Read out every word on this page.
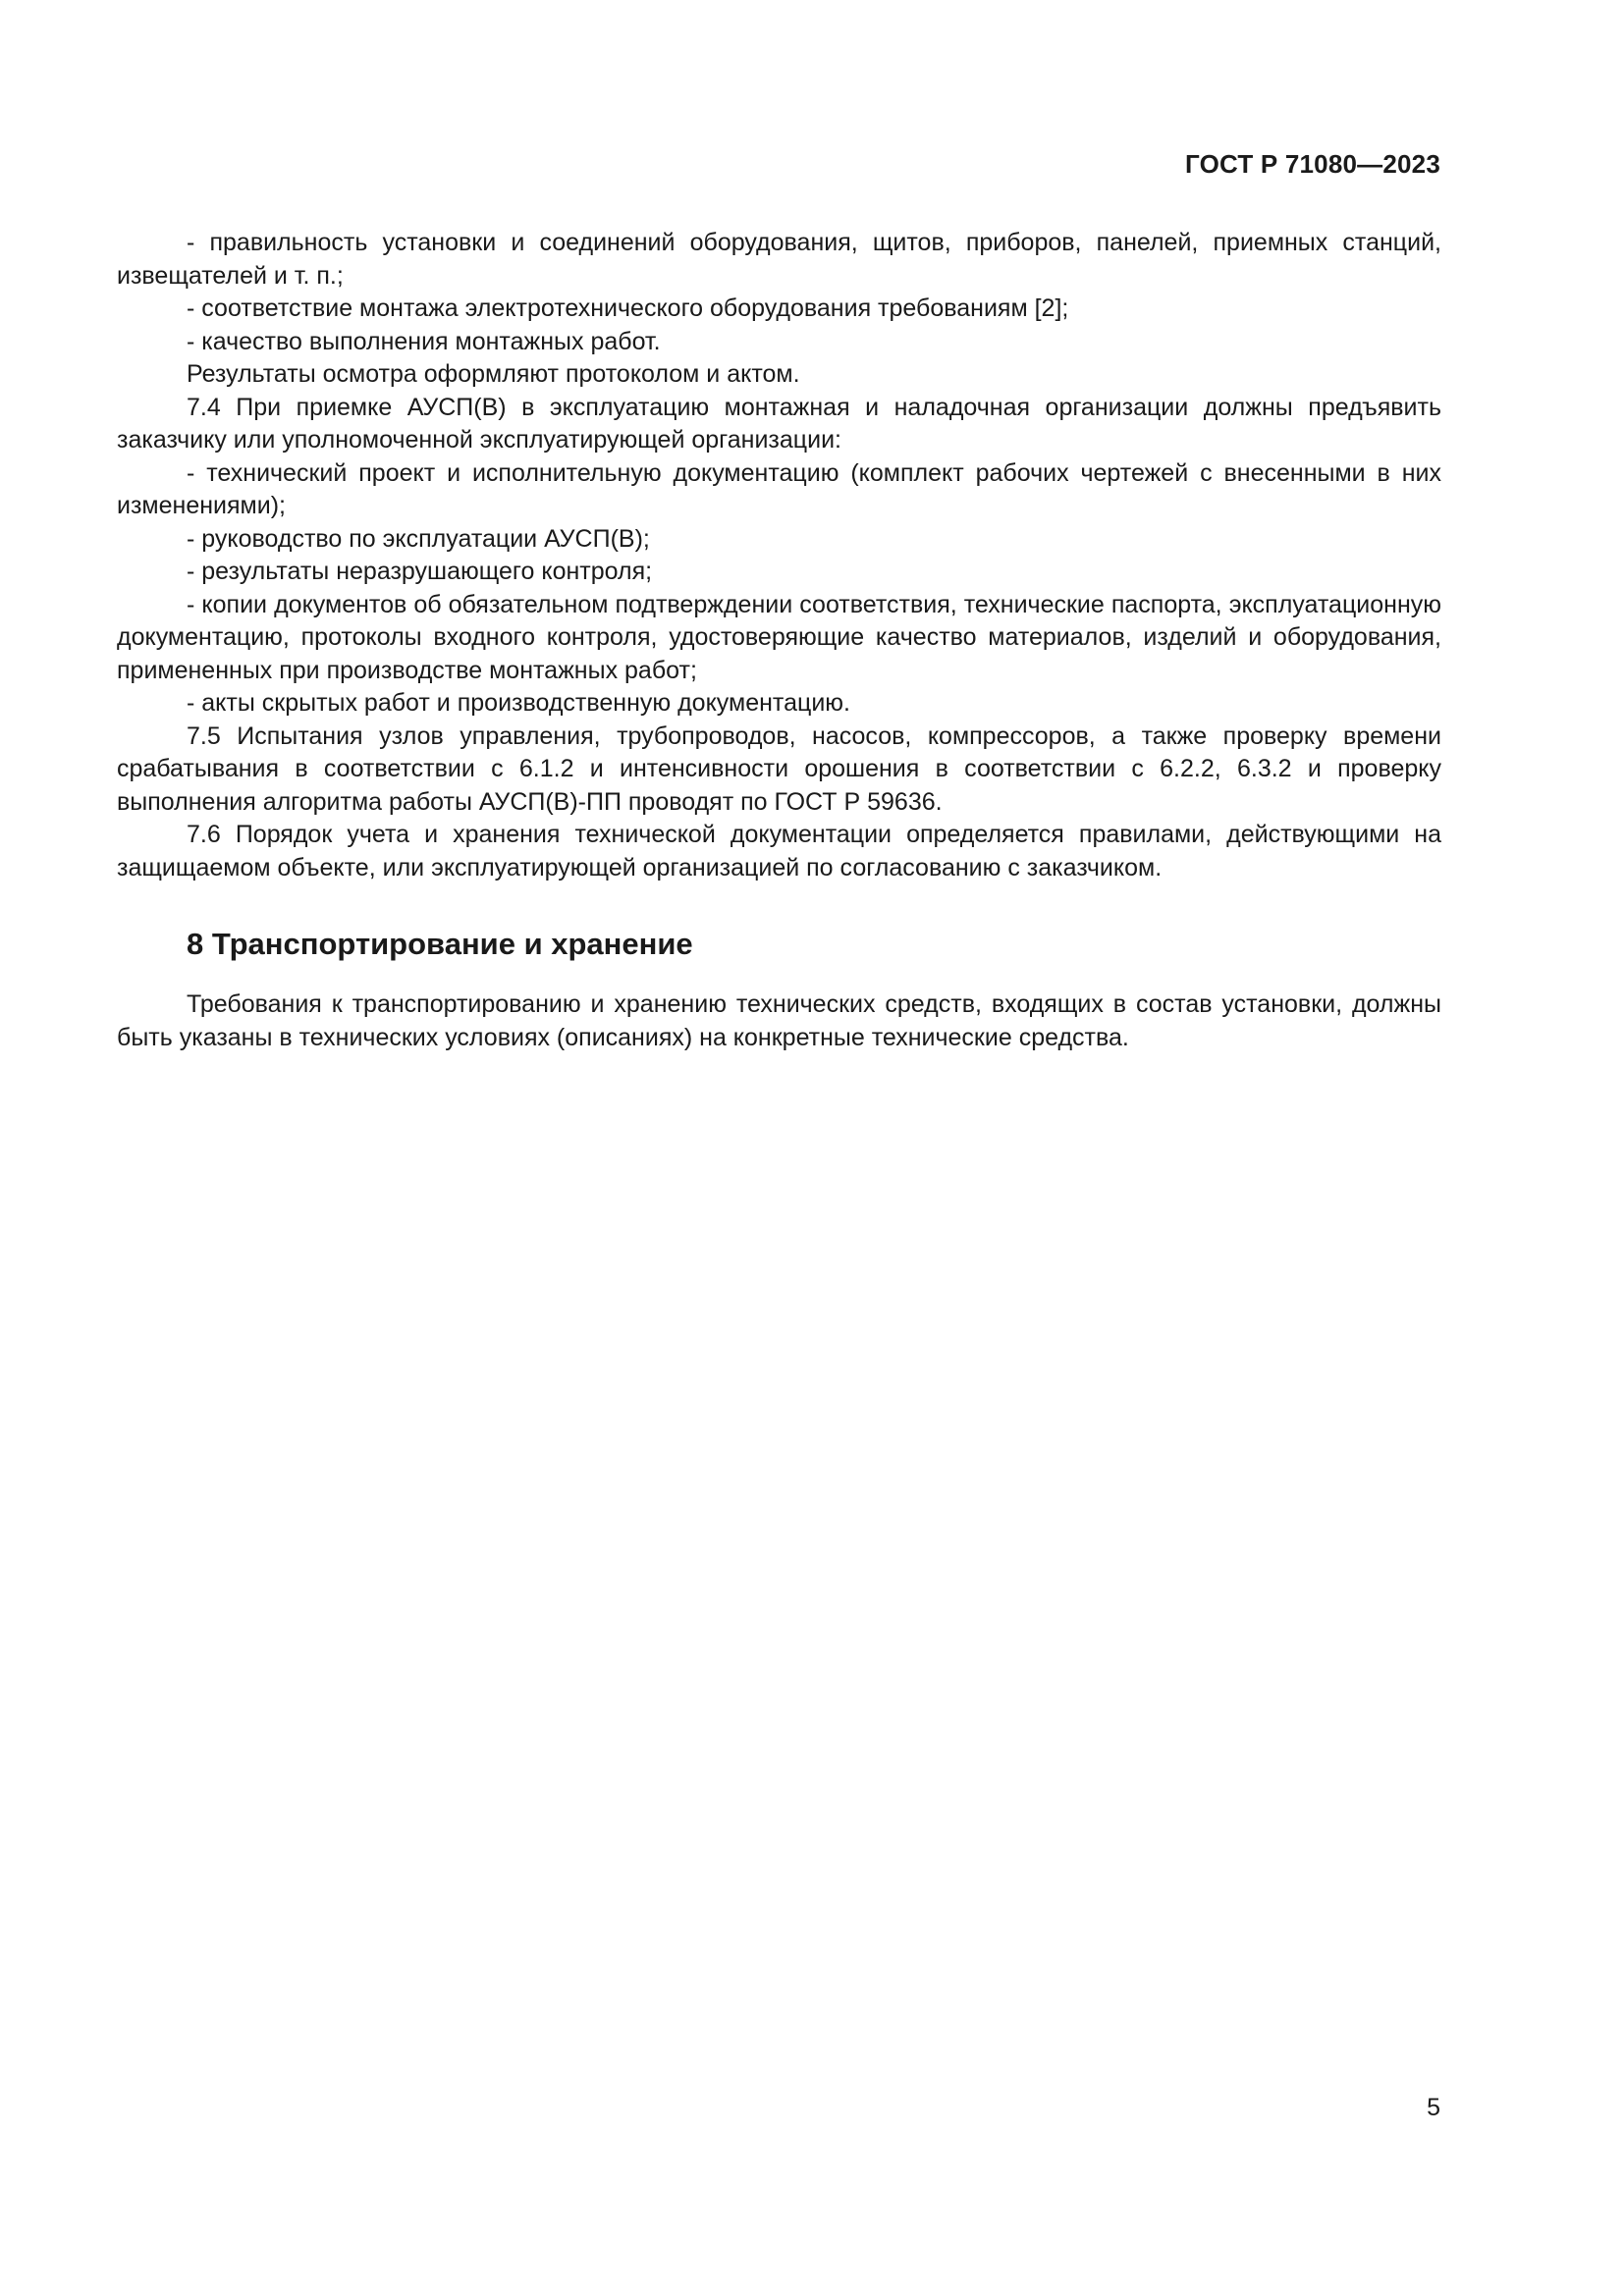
ГОСТ Р 71080—2023

- правильность установки и соединений оборудования, щитов, приборов, панелей, приемных станций, извещателей и т. п.;

- соответствие монтажа электротехнического оборудования требованиям [2];

- качество выполнения монтажных работ.

Результаты осмотра оформляют протоколом и актом.

7.4 При приемке АУСП(В) в эксплуатацию монтажная и наладочная организации должны предъявить заказчику или уполномоченной эксплуатирующей организации:

- технический проект и исполнительную документацию (комплект рабочих чертежей с внесенными в них изменениями);

- руководство по эксплуатации АУСП(В);

- результаты неразрушающего контроля;

- копии документов об обязательном подтверждении соответствия, технические паспорта, эксплуатационную документацию, протоколы входного контроля, удостоверяющие качество материалов, изделий и оборудования, примененных при производстве монтажных работ;

- акты скрытых работ и производственную документацию.

7.5 Испытания узлов управления, трубопроводов, насосов, компрессоров, а также проверку времени срабатывания в соответствии с 6.1.2 и интенсивности орошения в соответствии с 6.2.2, 6.3.2 и проверку выполнения алгоритма работы АУСП(В)-ПП проводят по ГОСТ Р 59636.

7.6 Порядок учета и хранения технической документации определяется правилами, действующими на защищаемом объекте, или эксплуатирующей организацией по согласованию с заказчиком.

8 Транспортирование и хранение

Требования к транспортированию и хранению технических средств, входящих в состав установки, должны быть указаны в технических условиях (описаниях) на конкретные технические средства.

5
